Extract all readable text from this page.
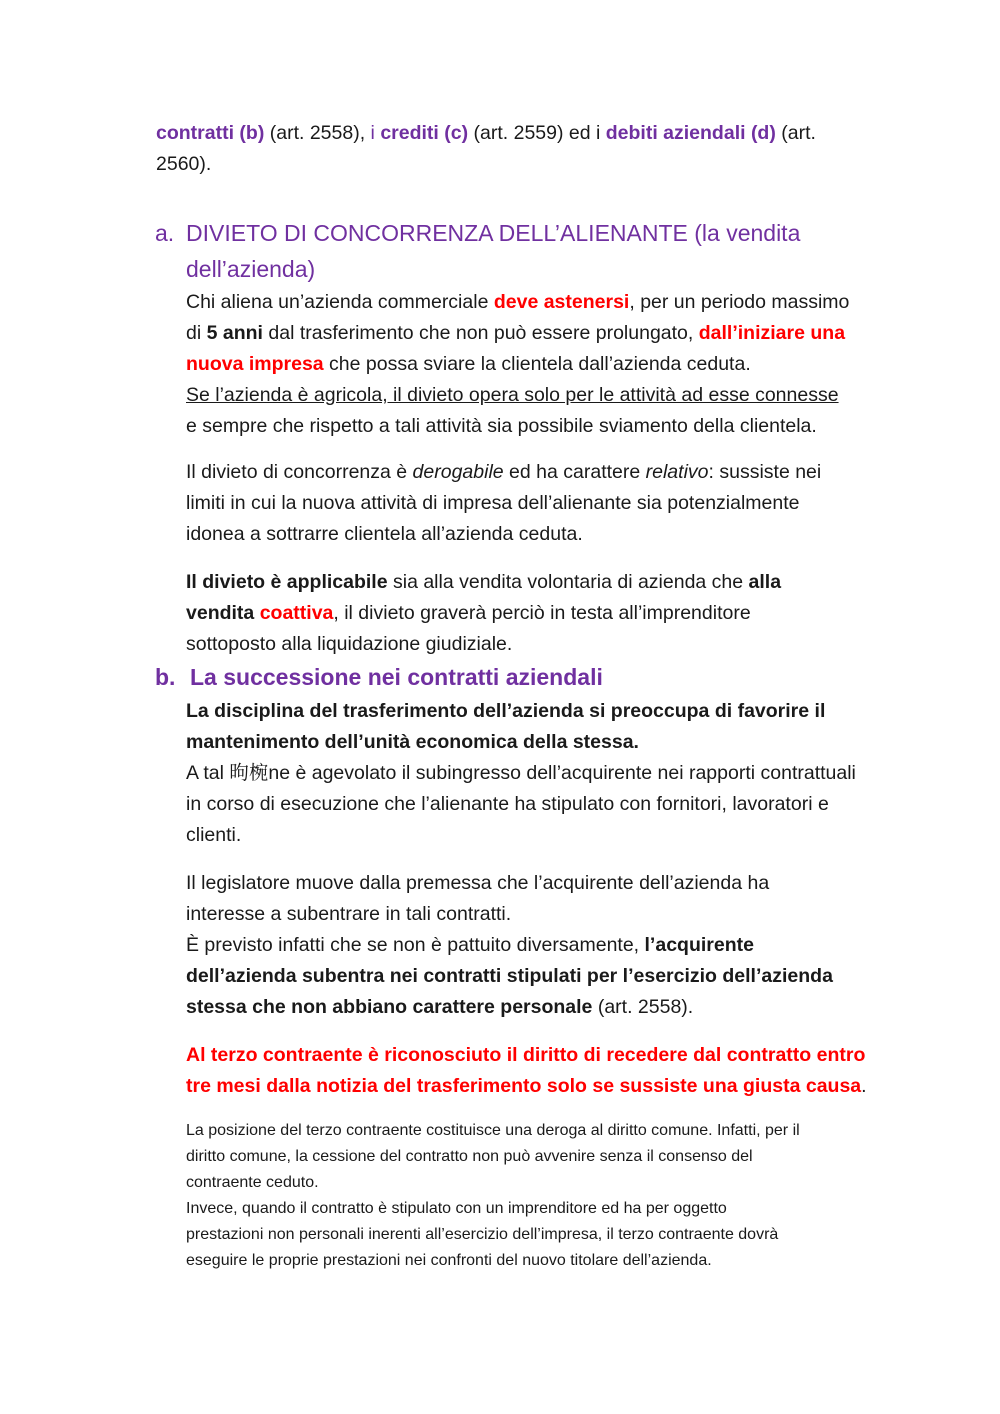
contratti (b) (art. 2558), i crediti (c) (art. 2559) ed i debiti aziendali (d) (art.
2560).

a. DIVIETO DI CONCORRENZA DELL’ALIENANTE (la vendita
dell’azienda)

Chi aliena un’azienda commerciale deve astenersi, per un periodo massimo
di 5 anni dal trasferimento che non può essere prolungato, dall’iniziare una
nuova impresa che possa sviare la clientela dall’azienda ceduta.
Se l’azienda è agricola, il divieto opera solo per le attività ad esse connesse
e sempre che rispetto a tali attività sia possibile sviamento della clientela.

Il divieto di concorrenza è derogabile ed ha carattere relativo: sussiste nei
limiti in cui la nuova attività di impresa dell’alienante sia potenzialmente
idonea a sottrarre clientela all’azienda ceduta.

Il divieto è applicabile sia alla vendita volontaria di azienda che alla
vendita coattiva, il divieto graverà perciò in testa all’imprenditore
sottoposto alla liquidazione giudiziale.

b. La successione nei contratti aziendali

La disciplina del trasferimento dell’azienda si preoccupa di favorire il
mantenimento dell’unità economica della stessa.
A tal 昫椀ne è agevolato il subingresso dell’acquirente nei rapporti contrattuali
in corso di esecuzione che l’alienante ha stipulato con fornitori, lavoratori e
clienti.

Il legislatore muove dalla premessa che l’acquirente dell’azienda ha
interesse a subentrare in tali contratti.
È previsto infatti che se non è pattuito diversamente, l’acquirente
dell’azienda subentra nei contratti stipulati per l’esercizio dell’azienda
stessa che non abbiano carattere personale (art. 2558).

Al terzo contraente è riconosciuto il diritto di recedere dal contratto entro
tre mesi dalla notizia del trasferimento solo se sussiste una giusta causa.

La posizione del terzo contraente costituisce una deroga al diritto comune. Infatti, per il
diritto comune, la cessione del contratto non può avvenire senza il consenso del
contraente ceduto.
Invece, quando il contratto è stipulato con un imprenditore ed ha per oggetto
prestazioni non personali inerenti all’esercizio dell’impresa, il terzo contraente dovrà
eseguire le proprie prestazioni nei confronti del nuovo titolare dell’azienda.
